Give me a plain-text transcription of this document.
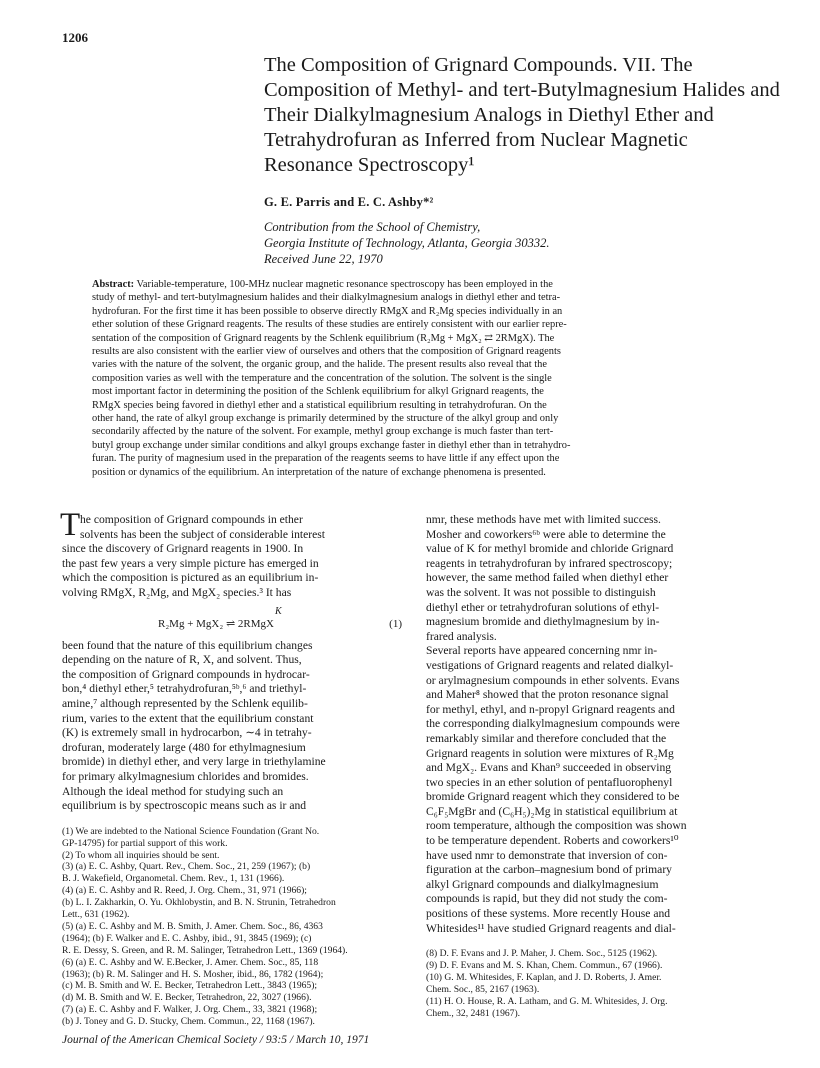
1206
The Composition of Grignard Compounds. VII. The
Composition of Methyl- and tert-Butylmagnesium Halides and
Their Dialkylmagnesium Analogs in Diethyl Ether and
Tetrahydrofuran as Inferred from Nuclear Magnetic
Resonance Spectroscopy¹
G. E. Parris and E. C. Ashby*²
Contribution from the School of Chemistry,
Georgia Institute of Technology, Atlanta, Georgia 30332.
Received June 22, 1970
Abstract: Variable-temperature, 100-MHz nuclear magnetic resonance spectroscopy has been employed in the
study of methyl- and tert-butylmagnesium halides and their dialkylmagnesium analogs in diethyl ether and tetra-
hydrofuran. For the first time it has been possible to observe directly RMgX and R₂Mg species individually in an
ether solution of these Grignard reagents. The results of these studies are entirely consistent with our earlier repre-
sentation of the composition of Grignard reagents by the Schlenk equilibrium (R₂Mg + MgX₂ ⇄ 2RMgX). The
results are also consistent with the earlier view of ourselves and others that the composition of Grignard reagents
varies with the nature of the solvent, the organic group, and the halide. The present results also reveal that the
composition varies as well with the temperature and the concentration of the solution. The solvent is the single
most important factor in determining the position of the Schlenk equilibrium for alkyl Grignard reagents, the
RMgX species being favored in diethyl ether and a statistical equilibrium resulting in tetrahydrofuran. On the
other hand, the rate of alkyl group exchange is primarily determined by the structure of the alkyl group and only
secondarily affected by the nature of the solvent. For example, methyl group exchange is much faster than tert-
butyl group exchange under similar conditions and alkyl groups exchange faster in diethyl ether than in tetrahydro-
furan. The purity of magnesium used in the preparation of the reagents seems to have little if any effect upon the
position or dynamics of the equilibrium. An interpretation of the nature of exchange phenomena is presented.
T he composition of Grignard compounds in ether
solvents has been the subject of considerable interest
since the discovery of Grignard reagents in 1900. In
the past few years a very simple picture has emerged in
which the composition is pictured as an equilibrium in-
volving RMgX, R₂Mg, and MgX₂ species.³ It has
K
R₂Mg + MgX₂ ⇌ 2RMgX	(1)
been found that the nature of this equilibrium changes
depending on the nature of R, X, and solvent. Thus,
the composition of Grignard compounds in hydrocar-
bon,⁴ diethyl ether,⁵ tetrahydrofuran,⁵ᵇ,⁶ and triethyl-
amine,⁷ although represented by the Schlenk equilib-
rium, varies to the extent that the equilibrium constant
(K) is extremely small in hydrocarbon, ∼4 in tetrahy-
drofuran, moderately large (480 for ethylmagnesium
bromide) in diethyl ether, and very large in triethylamine
for primary alkylmagnesium chlorides and bromides.
Although the ideal method for studying such an
equilibrium is by spectroscopic means such as ir and
(1) We are indebted to the National Science Foundation (Grant No.
GP-14795) for partial support of this work.
(2) To whom all inquiries should be sent.
(3) (a) E. C. Ashby, Quart. Rev., Chem. Soc., 21, 259 (1967); (b)
B. J. Wakefield, Organometal. Chem. Rev., 1, 131 (1966).
(4) (a) E. C. Ashby and R. Reed, J. Org. Chem., 31, 971 (1966);
(b) L. I. Zakharkin, O. Yu. Okhlobystin, and B. N. Strunin, Tetrahedron
Lett., 631 (1962).
(5) (a) E. C. Ashby and M. B. Smith, J. Amer. Chem. Soc., 86, 4363
(1964); (b) F. Walker and E. C. Ashby, ibid., 91, 3845 (1969); (c)
R. E. Dessy, S. Green, and R. M. Salinger, Tetrahedron Lett., 1369 (1964).
(6) (a) E. C. Ashby and W. E.Becker, J. Amer. Chem. Soc., 85, 118
(1963); (b) R. M. Salinger and H. S. Mosher, ibid., 86, 1782 (1964);
(c) M. B. Smith and W. E. Becker, Tetrahedron Lett., 3843 (1965);
(d) M. B. Smith and W. E. Becker, Tetrahedron, 22, 3027 (1966).
(7) (a) E. C. Ashby and F. Walker, J. Org. Chem., 33, 3821 (1968);
(b) J. Toney and G. D. Stucky, Chem. Commun., 22, 1168 (1967).
nmr, these methods have met with limited success.
Mosher and coworkers⁶ᵇ were able to determine the
value of K for methyl bromide and chloride Grignard
reagents in tetrahydrofuran by infrared spectroscopy;
however, the same method failed when diethyl ether
was the solvent. It was not possible to distinguish
diethyl ether or tetrahydrofuran solutions of ethyl-
magnesium bromide and diethylmagnesium by in-
frared analysis.
Several reports have appeared concerning nmr in-
vestigations of Grignard reagents and related dialkyl-
or arylmagnesium compounds in ether solvents. Evans
and Maher⁸ showed that the proton resonance signal
for methyl, ethyl, and n-propyl Grignard reagents and
the corresponding dialkylmagnesium compounds were
remarkably similar and therefore concluded that the
Grignard reagents in solution were mixtures of R₂Mg
and MgX₂. Evans and Khan⁹ succeeded in observing
two species in an ether solution of pentafluorophenyl
bromide Grignard reagent which they considered to be
C₆F₅MgBr and (C₆H₅)₂Mg in statistical equilibrium at
room temperature, although the composition was shown
to be temperature dependent. Roberts and coworkers¹⁰
have used nmr to demonstrate that inversion of con-
figuration at the carbon–magnesium bond of primary
alkyl Grignard compounds and dialkylmagnesium
compounds is rapid, but they did not study the com-
positions of these systems. More recently House and
Whitesides¹¹ have studied Grignard reagents and dial-
(8) D. F. Evans and J. P. Maher, J. Chem. Soc., 5125 (1962).
(9) D. F. Evans and M. S. Khan, Chem. Commun., 67 (1966).
(10) G. M. Whitesides, F. Kaplan, and J. D. Roberts, J. Amer.
Chem. Soc., 85, 2167 (1963).
(11) H. O. House, R. A. Latham, and G. M. Whitesides, J. Org.
Chem., 32, 2481 (1967).
Journal of the American Chemical Society / 93:5 / March 10, 1971
